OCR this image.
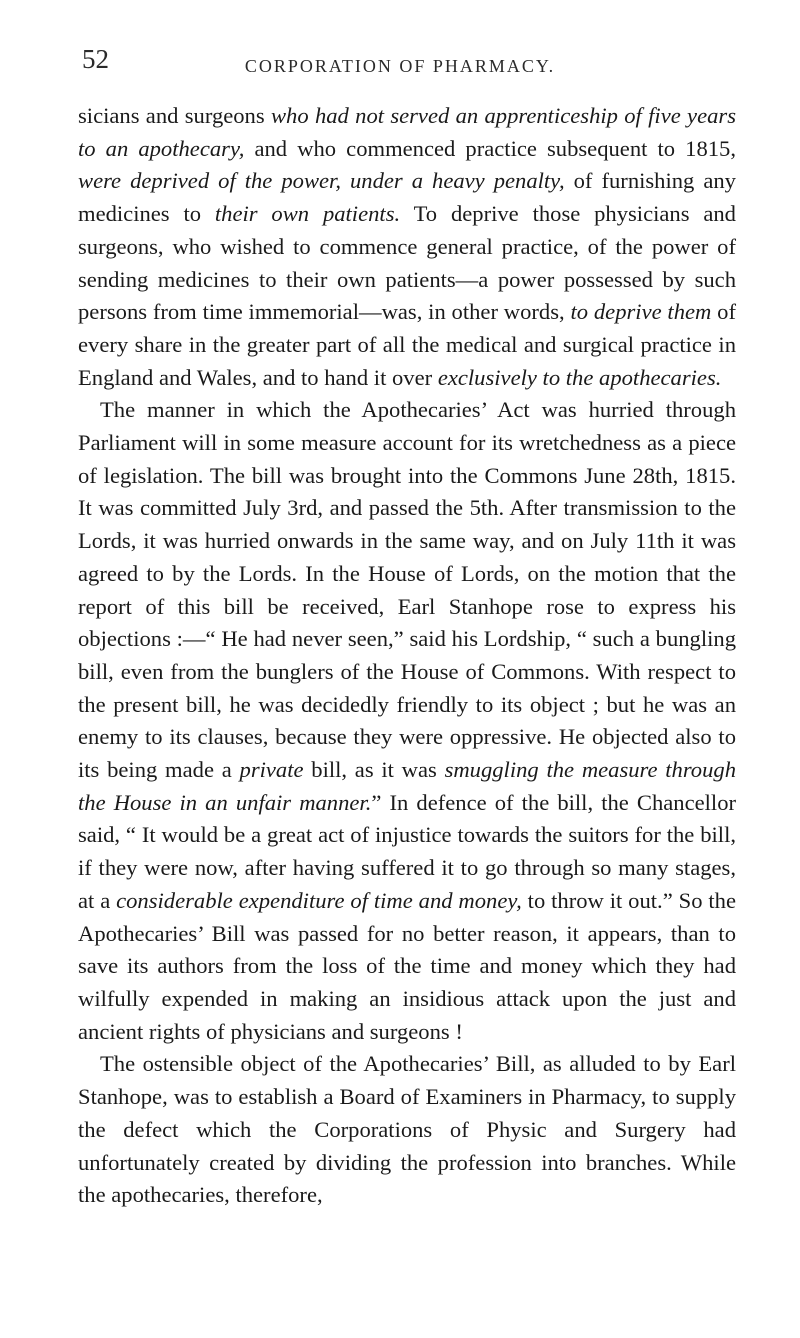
52	CORPORATION OF PHARMACY.

sicians and surgeons who had not served an apprenticeship of five years to an apothecary, and who commenced practice subsequent to 1815, were deprived of the power, under a heavy penalty, of furnishing any medicines to their own patients. To deprive those physicians and surgeons, who wished to commence general practice, of the power of sending medicines to their own patients—a power possessed by such persons from time immemorial—was, in other words, to deprive them of every share in the greater part of all the medical and surgical practice in England and Wales, and to hand it over exclusively to the apothecaries.

The manner in which the Apothecaries’ Act was hurried through Parliament will in some measure account for its wretchedness as a piece of legislation. The bill was brought into the Commons June 28th, 1815. It was committed July 3rd, and passed the 5th. After transmission to the Lords, it was hurried onwards in the same way, and on July 11th it was agreed to by the Lords. In the House of Lords, on the motion that the report of this bill be received, Earl Stanhope rose to express his objections :—“ He had never seen,” said his Lordship, “ such a bungling bill, even from the bunglers of the House of Commons. With respect to the present bill, he was decidedly friendly to its object ; but he was an enemy to its clauses, because they were oppressive. He objected also to its being made a private bill, as it was smuggling the measure through the House in an unfair manner.” In defence of the bill, the Chancellor said, “ It would be a great act of injustice towards the suitors for the bill, if they were now, after having suffered it to go through so many stages, at a considerable expenditure of time and money, to throw it out.” So the Apothecaries’ Bill was passed for no better reason, it appears, than to save its authors from the loss of the time and money which they had wilfully expended in making an insidious attack upon the just and ancient rights of physicians and surgeons !

The ostensible object of the Apothecaries’ Bill, as alluded to by Earl Stanhope, was to establish a Board of Examiners in Pharmacy, to supply the defect which the Corporations of Physic and Surgery had unfortunately created by dividing the profession into branches. While the apothecaries, therefore,
